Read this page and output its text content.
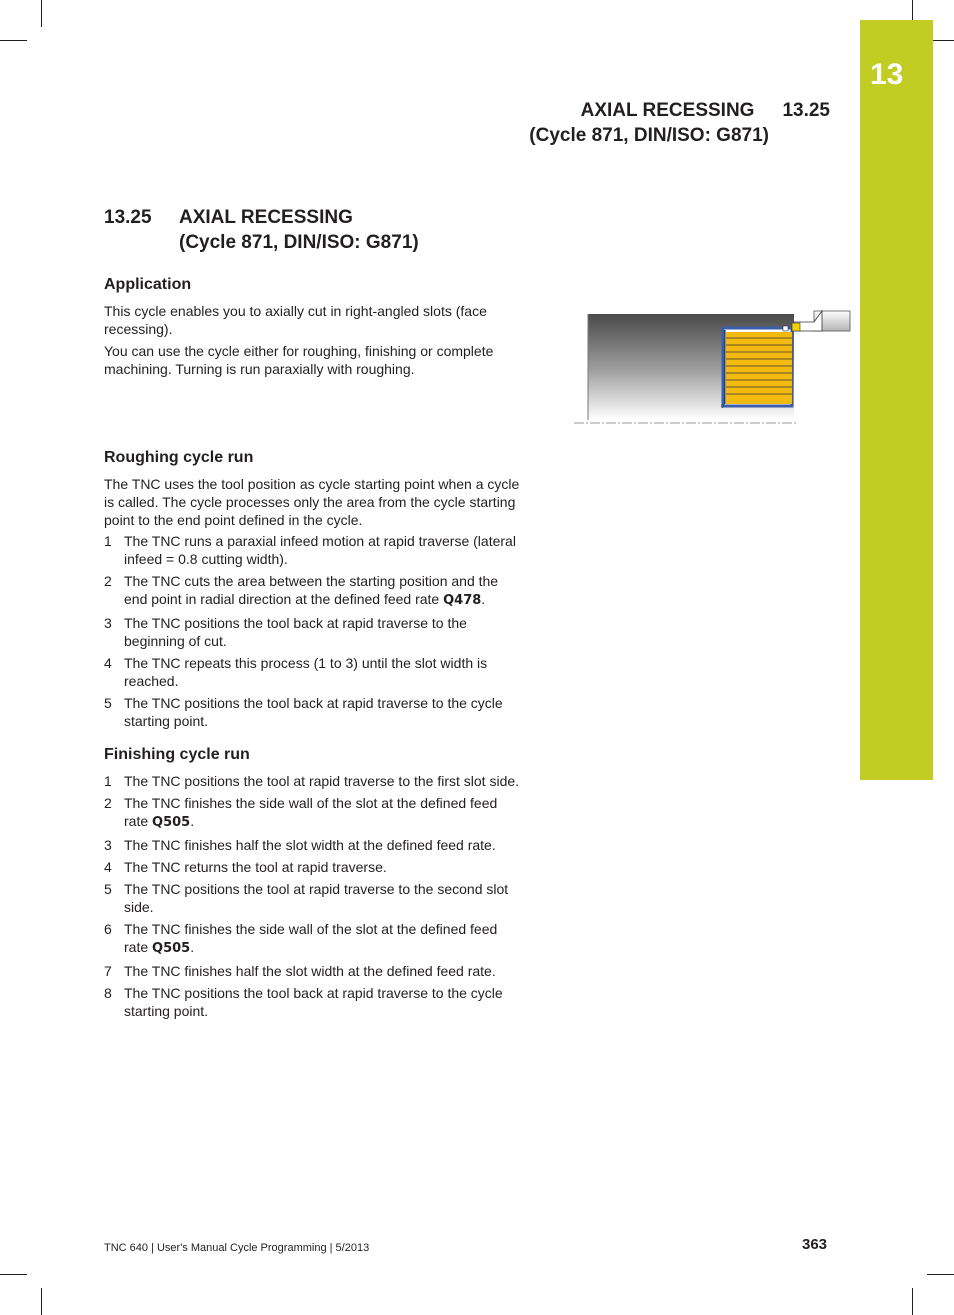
13
AXIAL RECESSING 13.25
(Cycle 871, DIN/ISO: G871)
13.25 AXIAL RECESSING
(Cycle 871, DIN/ISO: G871)
Application
This cycle enables you to axially cut in right-angled slots (face
recessing).
You can use the cycle either for roughing, finishing or complete
machining. Turning is run paraxially with roughing.
0
Roughing cycle run
The TNC uses the tool position as cycle starting point when a cycle
is called. The cycle processes only the area from the cycle starting
point to the end point defined in the cycle.
1 The TNC runs a paraxial infeed motion at rapid traverse (lateral
infeed = 0.8 cutting width).
2 The TNC cuts the area between the starting position and the
end point in radial direction at the defined feed rate Q478.
3 The TNC positions the tool back at rapid traverse to the
beginning of cut.
4 The TNC repeats this process (1 to 3) until the slot width is
reached.
5 The TNC positions the tool back at rapid traverse to the cycle
starting point.
Finishing cycle run
1 The TNC positions the tool at rapid traverse to the first slot side.
2 The TNC finishes the side wall of the slot at the defined feed
rate Q505.
3 The TNC finishes half the slot width at the defined feed rate.
4 The TNC returns the tool at rapid traverse.
5 The TNC positions the tool at rapid traverse to the second slot
side.
6 The TNC finishes the side wall of the slot at the defined feed
rate Q505.
7 The TNC finishes half the slot width at the defined feed rate.
8 The TNC positions the tool back at rapid traverse to the cycle
starting point.
TNC 640 | User's Manual Cycle Programming | 5/2013	363
